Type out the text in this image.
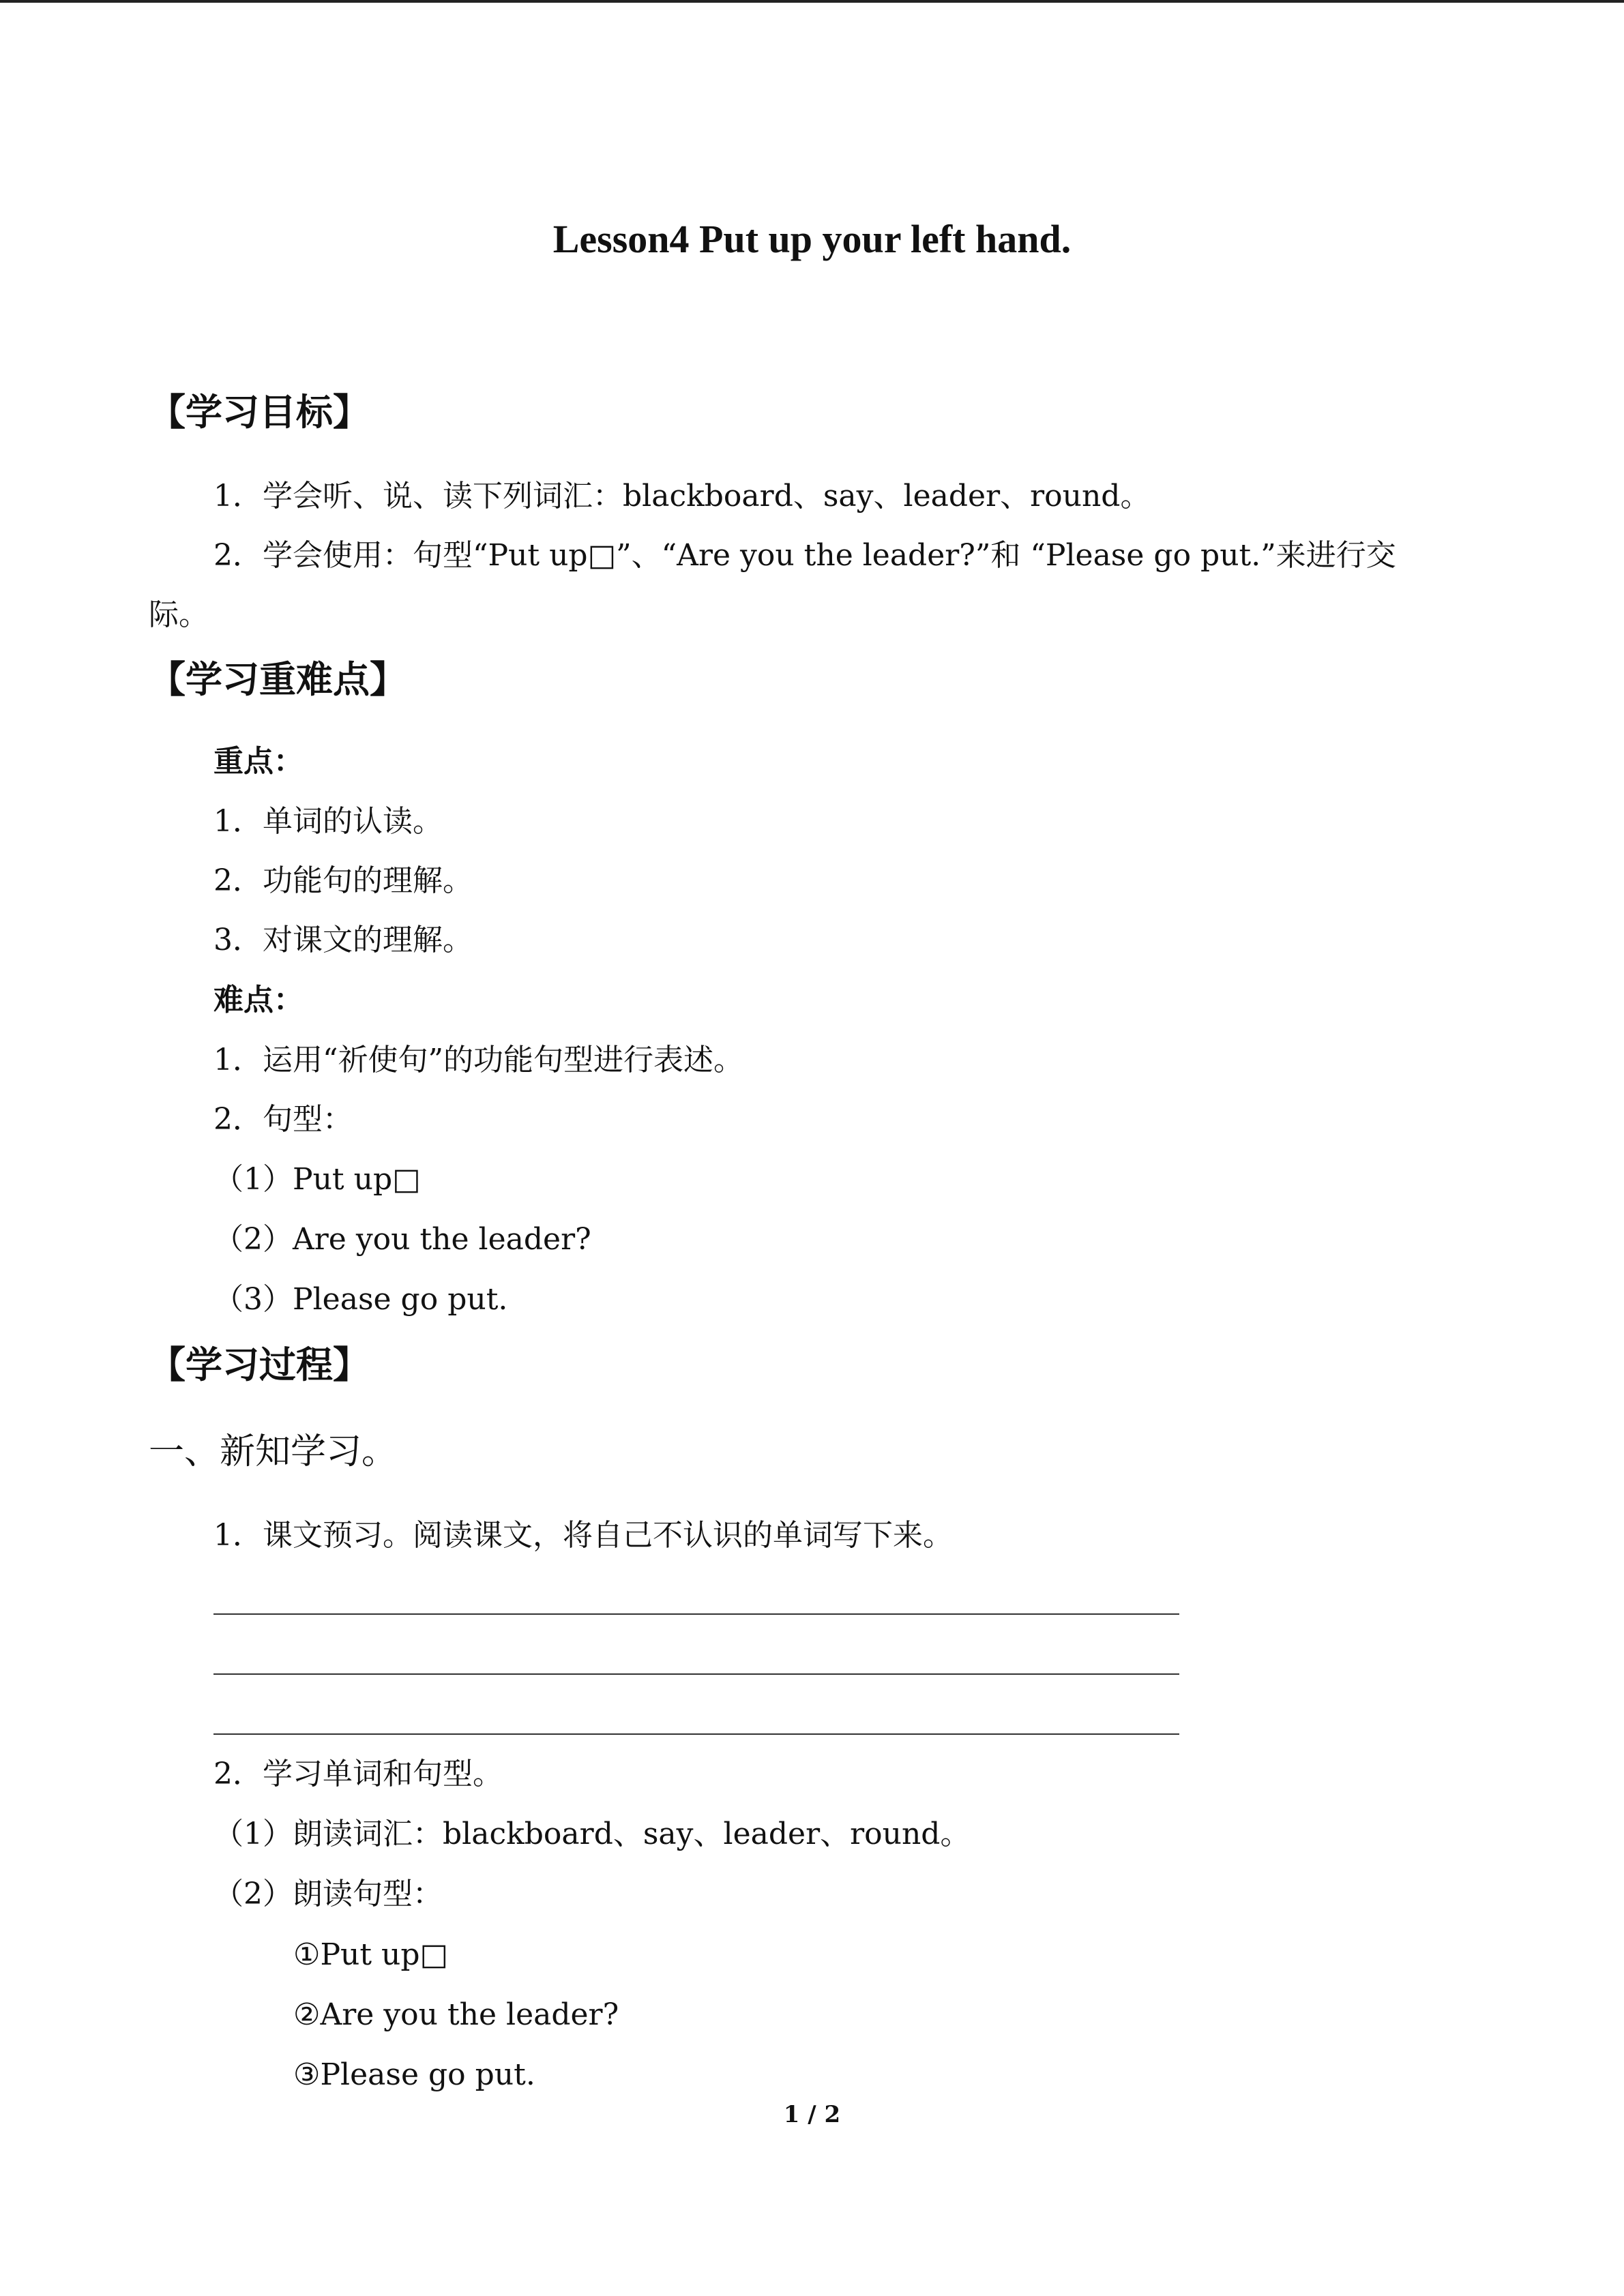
Lesson4 Put up your left hand.
【学习目标】
1．学会听、说、读下列词汇：blackboard、say、leader、round。
2．学会使用：句型“Put up□”、“Are you the leader?”和 “Please go put.”来进行交
际。
【学习重难点】
重点：
1．单词的认读。
2．功能句的理解。
3．对课文的理解。
难点：
1．运用“祈使句”的功能句型进行表述。
2．句型：
（1）Put up□
（2）Are you the leader?
（3）Please go put.
【学习过程】
一、新知学习。
1．课文预习。阅读课文，将自己不认识的单词写下来。
2．学习单词和句型。
（1）朗读词汇：blackboard、say、leader、round。
（2）朗读句型：
①Put up□
②Are you the leader?
③Please go put.
1 / 2
